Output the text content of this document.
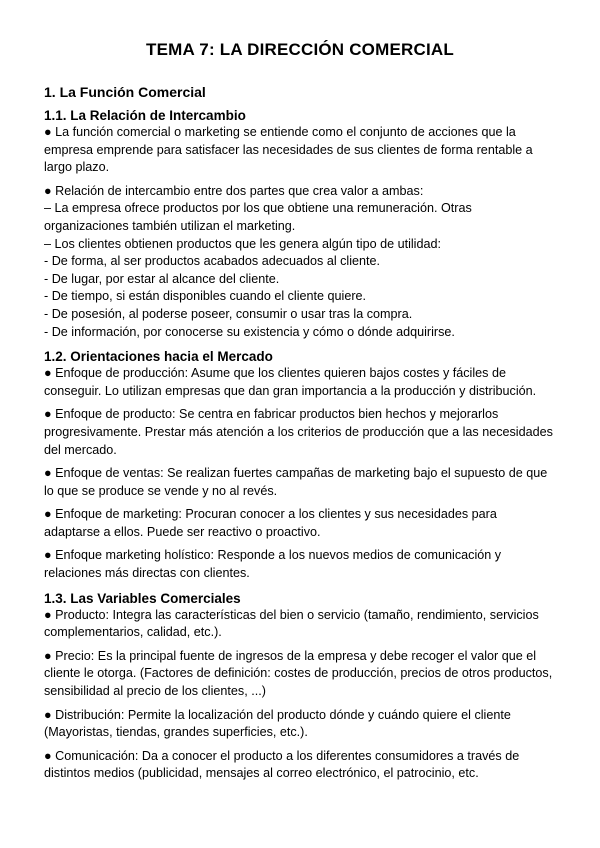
TEMA 7: LA DIRECCIÓN COMERCIAL
1. La Función Comercial
1.1. La Relación de Intercambio
● La función comercial o marketing se entiende como el conjunto de acciones que la empresa emprende para satisfacer las necesidades de sus clientes de forma rentable a largo plazo.
● Relación de intercambio entre dos partes que crea valor a ambas:
– La empresa ofrece productos por los que obtiene una remuneración. Otras organizaciones también utilizan el marketing.
– Los clientes obtienen productos que les genera algún tipo de utilidad:
- De forma, al ser productos acabados adecuados al cliente.
- De lugar, por estar al alcance del cliente.
- De tiempo, si están disponibles cuando el cliente quiere.
- De posesión, al poderse poseer, consumir o usar tras la compra.
- De información, por conocerse su existencia y cómo o dónde adquirirse.
1.2. Orientaciones hacia el Mercado
● Enfoque de producción: Asume que los clientes quieren bajos costes y fáciles de conseguir. Lo utilizan empresas que dan gran importancia a la producción y distribución.
● Enfoque de producto: Se centra en fabricar productos bien hechos y mejorarlos progresivamente. Prestar más atención a los criterios de producción que a las necesidades del mercado.
● Enfoque de ventas: Se realizan fuertes campañas de marketing bajo el supuesto de que lo que se produce se vende y no al revés.
● Enfoque de marketing: Procuran conocer a los clientes y sus necesidades para adaptarse a ellos. Puede ser reactivo o proactivo.
● Enfoque marketing holístico: Responde a los nuevos medios de comunicación y relaciones más directas con clientes.
1.3. Las Variables Comerciales
● Producto: Integra las características del bien o servicio (tamaño, rendimiento, servicios complementarios, calidad, etc.).
● Precio: Es la principal fuente de ingresos de la empresa y debe recoger el valor que el cliente le otorga. (Factores de definición: costes de producción, precios de otros productos, sensibilidad al precio de los clientes, ...)
● Distribución: Permite la localización del producto dónde y cuándo quiere el cliente (Mayoristas, tiendas, grandes superficies, etc.).
● Comunicación: Da a conocer el producto a los diferentes consumidores a través de distintos medios (publicidad, mensajes al correo electrónico, el patrocinio, etc.
